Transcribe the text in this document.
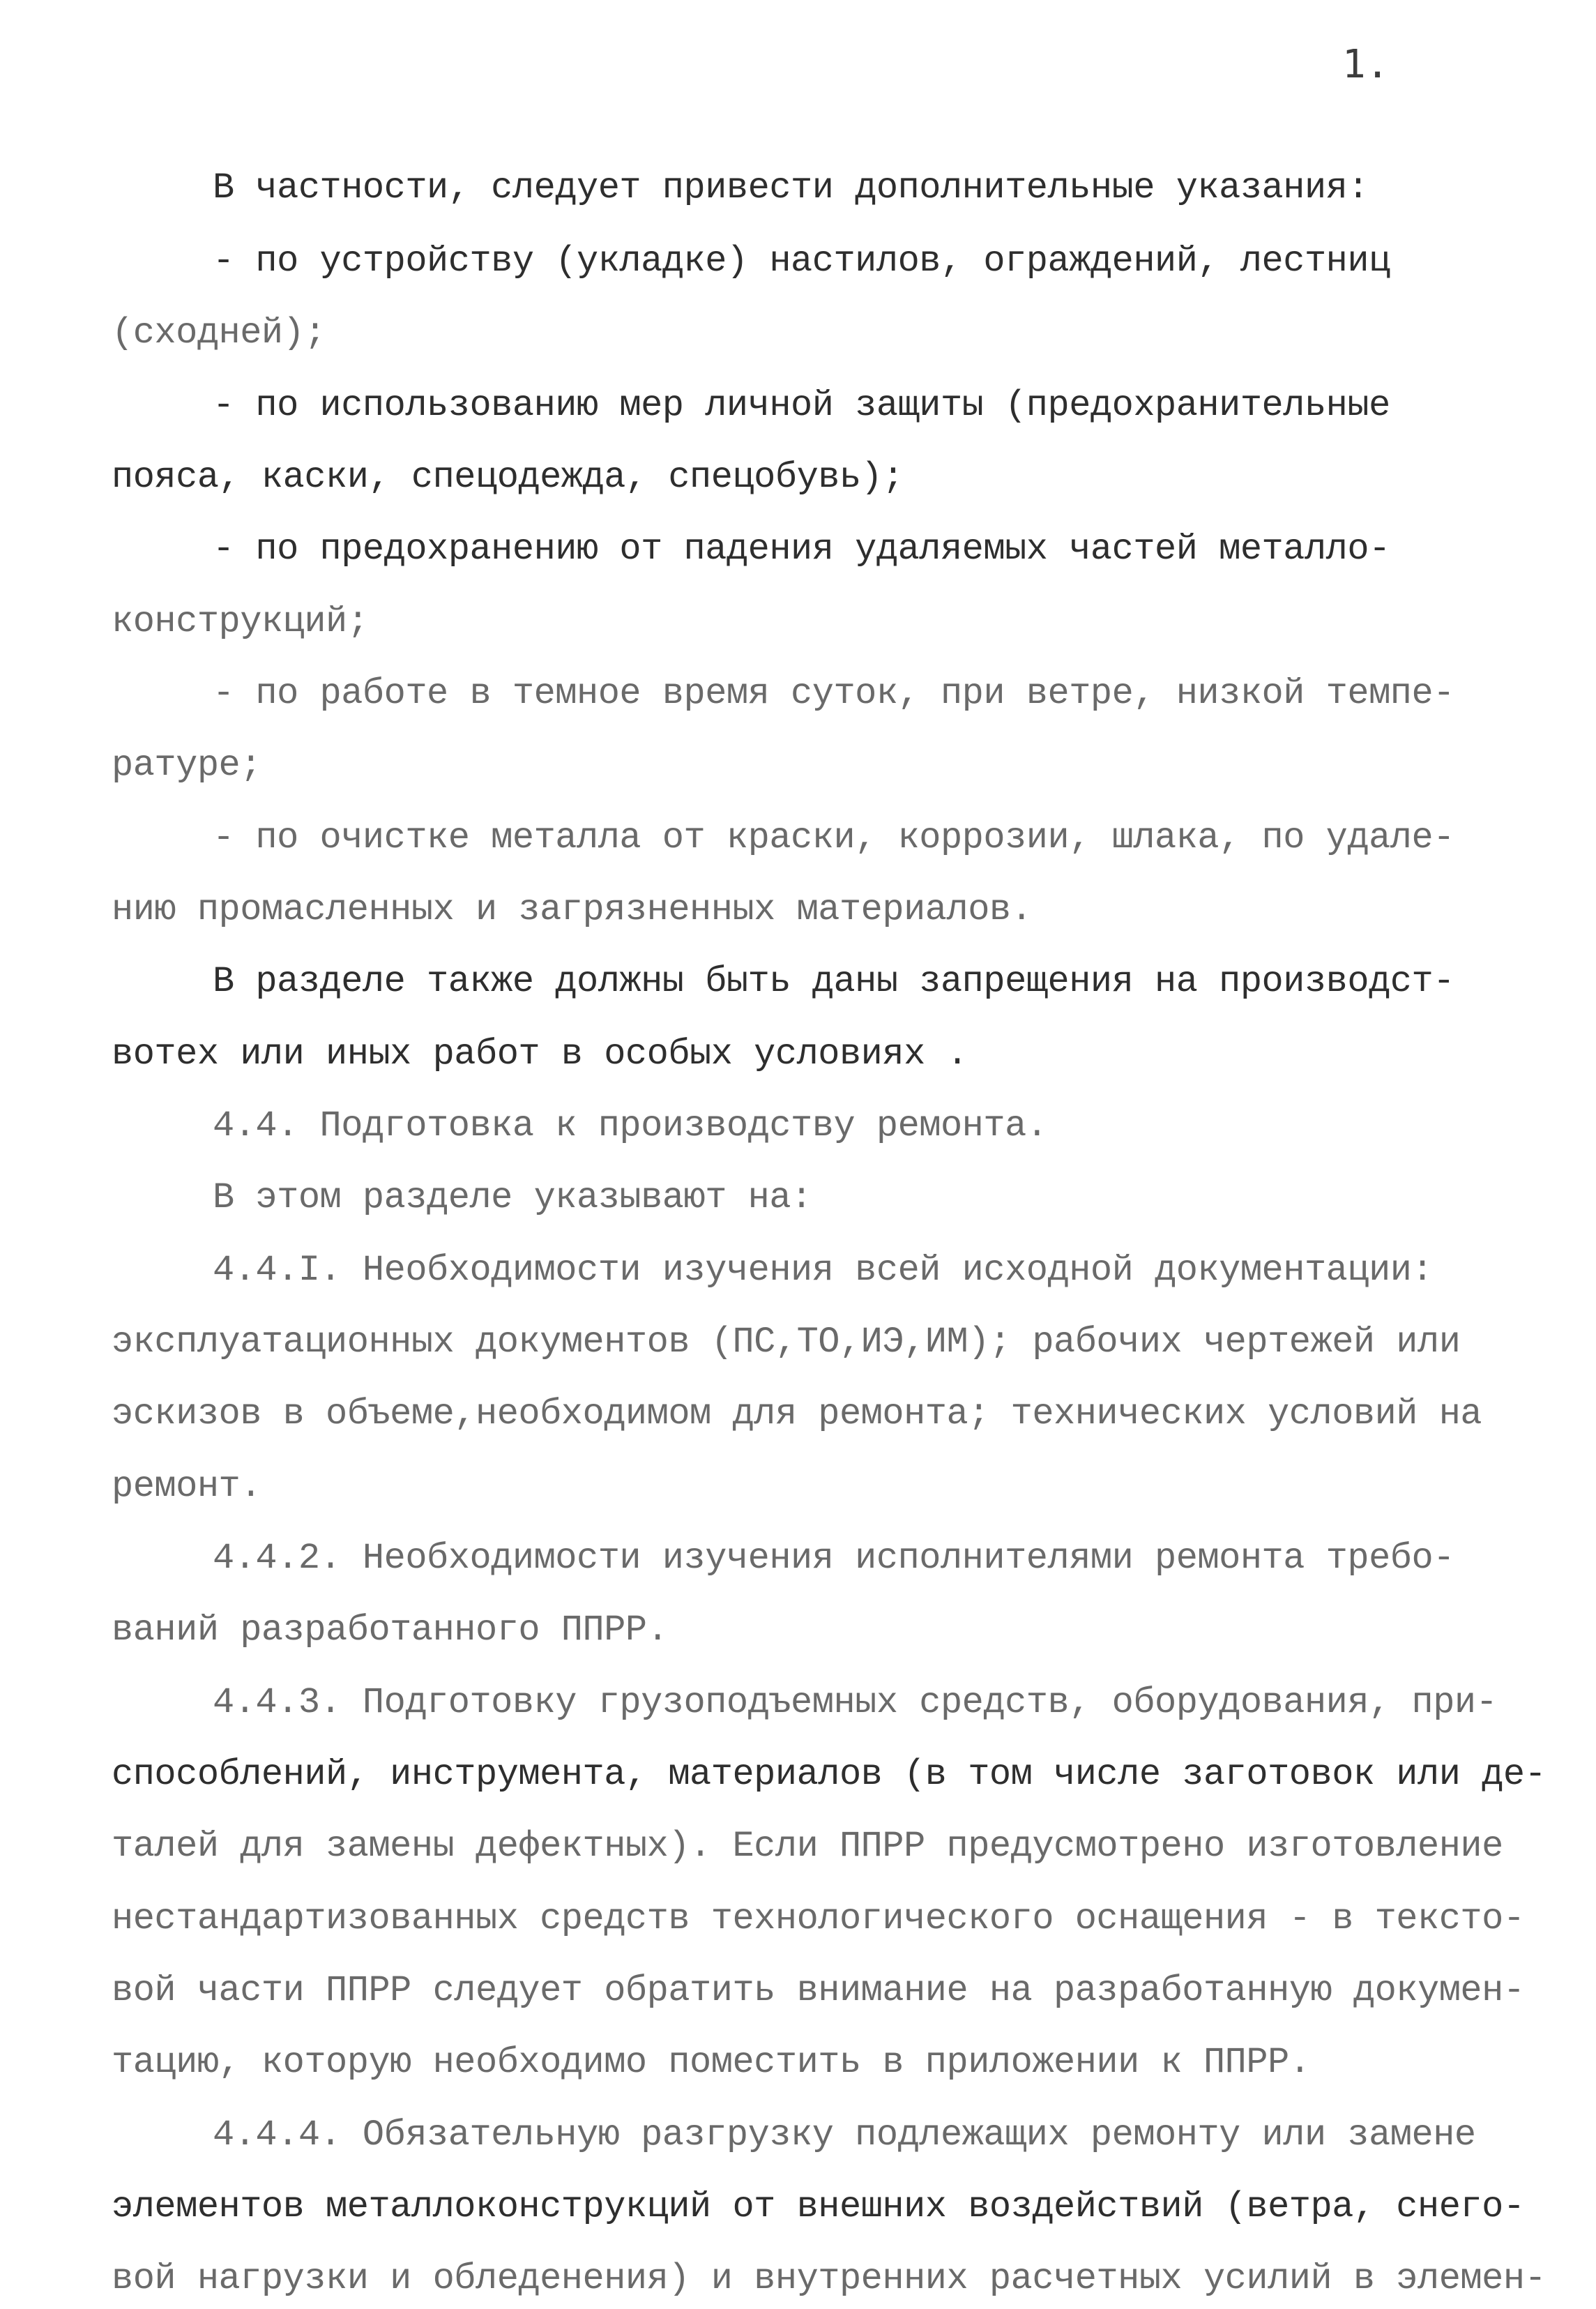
1.
В частности, следует привести дополнительные указания:
- по устройству (укладке) настилов, ограждений, лестниц
(сходней);
- по использованию мер личной защиты (предохранительные
пояса, каски, спецодежда, спецобувь);
- по предохранению от падения удаляемых частей металло-
конструкций;
- по работе в темное время суток, при ветре, низкой темпе-
ратуре;
- по очистке металла от краски, коррозии, шлака, по удале-
нию промасленных и загрязненных материалов.
В разделе также должны быть даны запрещения на производст-
вотех или иных работ в особых условиях .
4.4. Подготовка к производству ремонта.
В этом разделе указывают на:
4.4.I. Необходимости изучения всей исходной документации:
эксплуатационных документов (ПС,ТО,ИЭ,ИМ); рабочих чертежей или
эскизов в объеме,необходимом для ремонта; технических условий на
ремонт.
4.4.2. Необходимости изучения исполнителями ремонта требо-
ваний разработанного ППРР.
4.4.3. Подготовку грузоподъемных средств, оборудования, при-
способлений, инструмента, материалов (в том числе заготовок или де-
талей для замены дефектных). Если ППРР предусмотрено изготовление
нестандартизованных средств технологического оснащения - в тексто-
вой части ППРР следует обратить внимание на разработанную докумен-
тацию, которую необходимо поместить в приложении к ППРР.
4.4.4. Обязательную разгрузку подлежащих ремонту или замене
элементов металлоконструкций от внешних воздействий (ветра, снего-
вой нагрузки и обледенения) и внутренних расчетных усилий в элемен-
